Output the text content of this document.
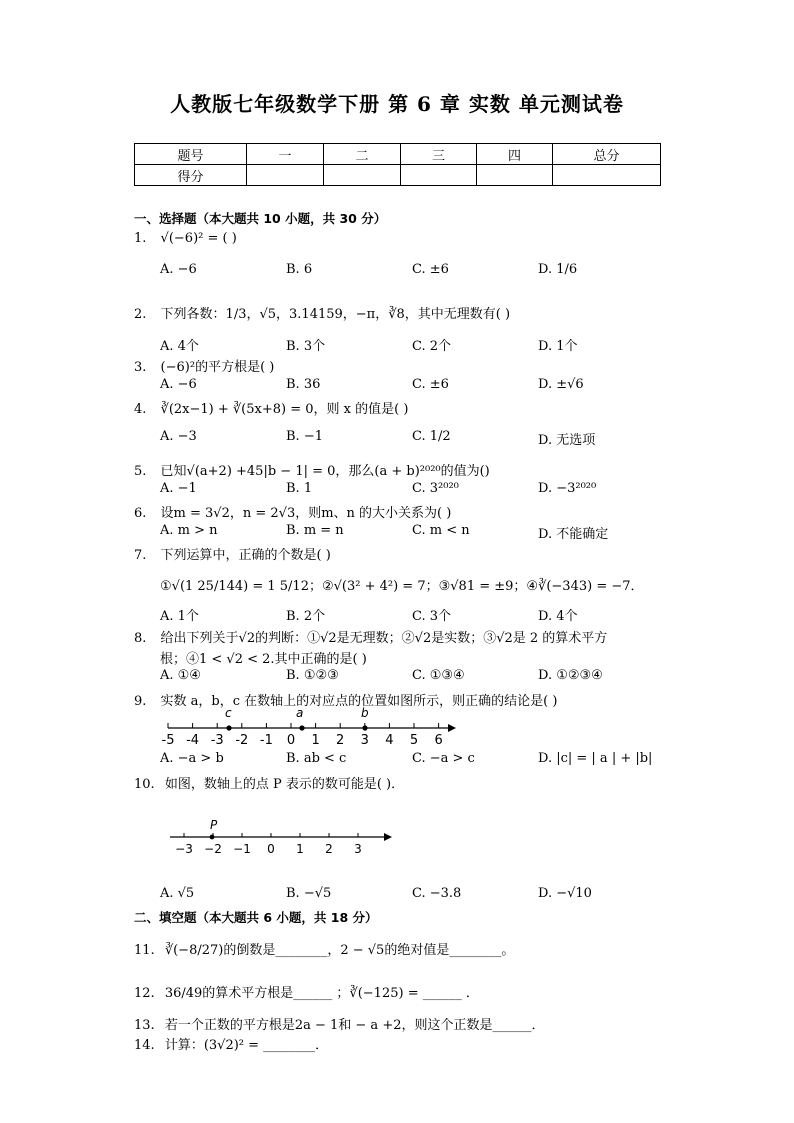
人教版七年级数学下册 第 6 章 实数 单元测试卷
题号	一	二	三	四	总分
得分					
一、选择题（本大题共 10 小题，共 30 分）
1. √(−6)² = ( )
A. −6	B. 6	C. ±6	D. 1/6
2. 下列各数：1/3，√5，3.14159，−π，∛8，其中无理数有( )
A. 4个	B. 3个	C. 2个	D. 1个
3. (−6)²的平方根是( )
A. −6	B. 36	C. ±6	D. ±√6
4. ∛(2x−1) + ∛(5x+8) = 0，则 x 的值是( )
A. −3	B. −1	C. 1/2	D. 无选项
5. 已知√(a+2) +45|b − 1| = 0，那么(a + b)²⁰²⁰的值为()
A. −1	B. 1	C. 3²⁰²⁰	D. −3²⁰²⁰
6. 设m = 3√2，n = 2√3，则m、n 的大小关系为( )
A. m > n	B. m = n	C. m < n	D. 不能确定
7. 下列运算中，正确的个数是( )
①√(1 25/144) = 1 5/12；②√(3² + 4²) = 7；③√81 = ±9；④∛(−343) = −7．
A. 1个	B. 2个	C. 3个	D. 4个
8. 给出下列关于√2的判断：①√2是无理数；②√2是实数；③√2是 2 的算术平方
根；④1 < √2 < 2.其中正确的是( )
A. ①④	B. ①②③	C. ①③④	D. ①②③④
9. 实数 a，b，c 在数轴上的对应点的位置如图所示，则正确的结论是( )
-5 -4 -3 -2 -1 0 1 2 3 4 5 6
c	a	b
A. −a > b	B. ab < c	C. −a > c	D. |c| = | a | + |b|
10. 如图，数轴上的点 P 表示的数可能是( )．
−3 −2 −1 0 1 2 3
P
A. √5	B. −√5	C. −3.8	D. −√10
二、填空题（本大题共 6 小题，共 18 分）
11. ∛(−8/27)的倒数是________，2 − √5的绝对值是________。
12. 36/49的算术平方根是______ ；∛(−125) = ______ ．
13. 若一个正数的平方根是2a − 1和 − a +2，则这个正数是______．
14. 计算：(3√2)² = ________．
